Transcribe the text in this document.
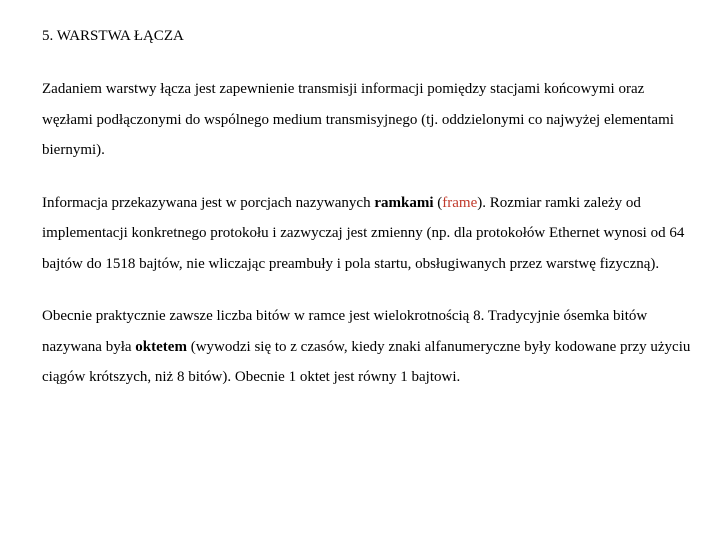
5. WARSTWA ŁĄCZA

Zadaniem warstwy łącza jest zapewnienie transmisji informacji pomiędzy stacjami końcowymi oraz węzłami podłączonymi do wspólnego medium transmisyjnego (tj. oddzielonymi co najwyżej elementami biernymi).

Informacja przekazywana jest w porcjach nazywanych ramkami (frame). Rozmiar ramki zależy od implementacji konkretnego protokołu i zazwyczaj jest zmienny (np. dla protokołów Ethernet wynosi od 64 bajtów do 1518 bajtów, nie wliczając preambuły i pola startu, obsługiwanych przez warstwę fizyczną).

Obecnie praktycznie zawsze liczba bitów w ramce jest wielokrotnością 8. Tradycyjnie ósemka bitów nazywana była oktetem (wywodzi się to z czasów, kiedy znaki alfanumeryczne były kodowane przy użyciu ciągów krótszych, niż 8 bitów). Obecnie 1 oktet jest równy 1 bajtowi.
